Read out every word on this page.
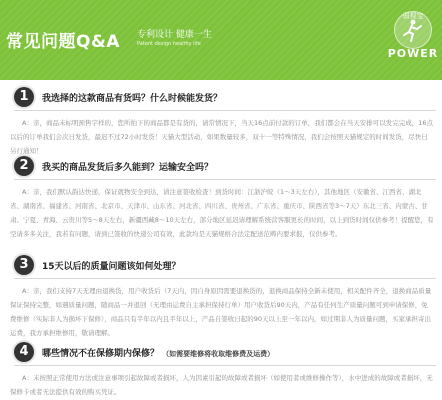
常见问题Q&A 专利设计 健康一生
Patent design healthy life
弱视宝
POWER
1	我选择的这款商品有货吗？什么时候能发货？
A：亲，商品未标明预售字样的，您所拍下的商品都是有货的，请常情况下，当天16点前付款的订单，我们都会在当天安排可以发完完成，16点以后的订单我们会次日发货，最迟不过72小时发货！天猫大型活动，如果数量较多，双十一等特殊情况，我们会按照天猫规定的时间发货，尽快日另行通知！
2	我买的商品发货后多久能到？运输安全吗？
A：亲，我们默认韵达快递，保证就物安全到达，请注意签收检查！到货时间：江浙沪皖（1～3天左右），其他地区（安徽省、江西省、湖北省、湖南省、福建省、河南省、北京市、天津市、山东省、河北省、四川省、贵州省、广东省、重庆市、陕西省等3～7天）东北三省、内蒙古、甘肃、宁夏、青海、云贵川等5～8天左右，新疆西藏8～10天左右，部分地区延迟请理解系统营客服更长的时间，以上到货时间仅供参考！提醒您，有空请多多关注，我若有问题，请到已签收的快递公司有效，此款均是天猫规格合法定配送范畴内要求报，仅供参考。
3	15天以后的质量问题该如何处理？
A：亲，我们支持7天无理由退换货，用户收货后（7天内，因自身原因需要退换货的，退换商品保持全新未使用，相关配件齐全，退换商品质量保证保持完整，如遇质量问题，随商品一并退回（无理由运费自主承担保持行单）用户收货后90天内，产品有任何生产质量问题可到申请保修，免费维修（实际非人为损坏下保修），商品只有半年以内且半年以上，产品自签收日起的90天以上至一年以内，如过期非人为质量问题，买家承担寄出运费，我方承担维修用，敬请理解。
4	哪些情况不在保修期内保修？ （如需要维修将收取维修费及运费）
A：未按照正常使用方法或注意事项引起故障或者损坏，人为因素引起的故障或者损坏（如使用者或维修操作等），水中进成的故障或者损坏，无保修卡或者无法提供有效的购买凭证。
